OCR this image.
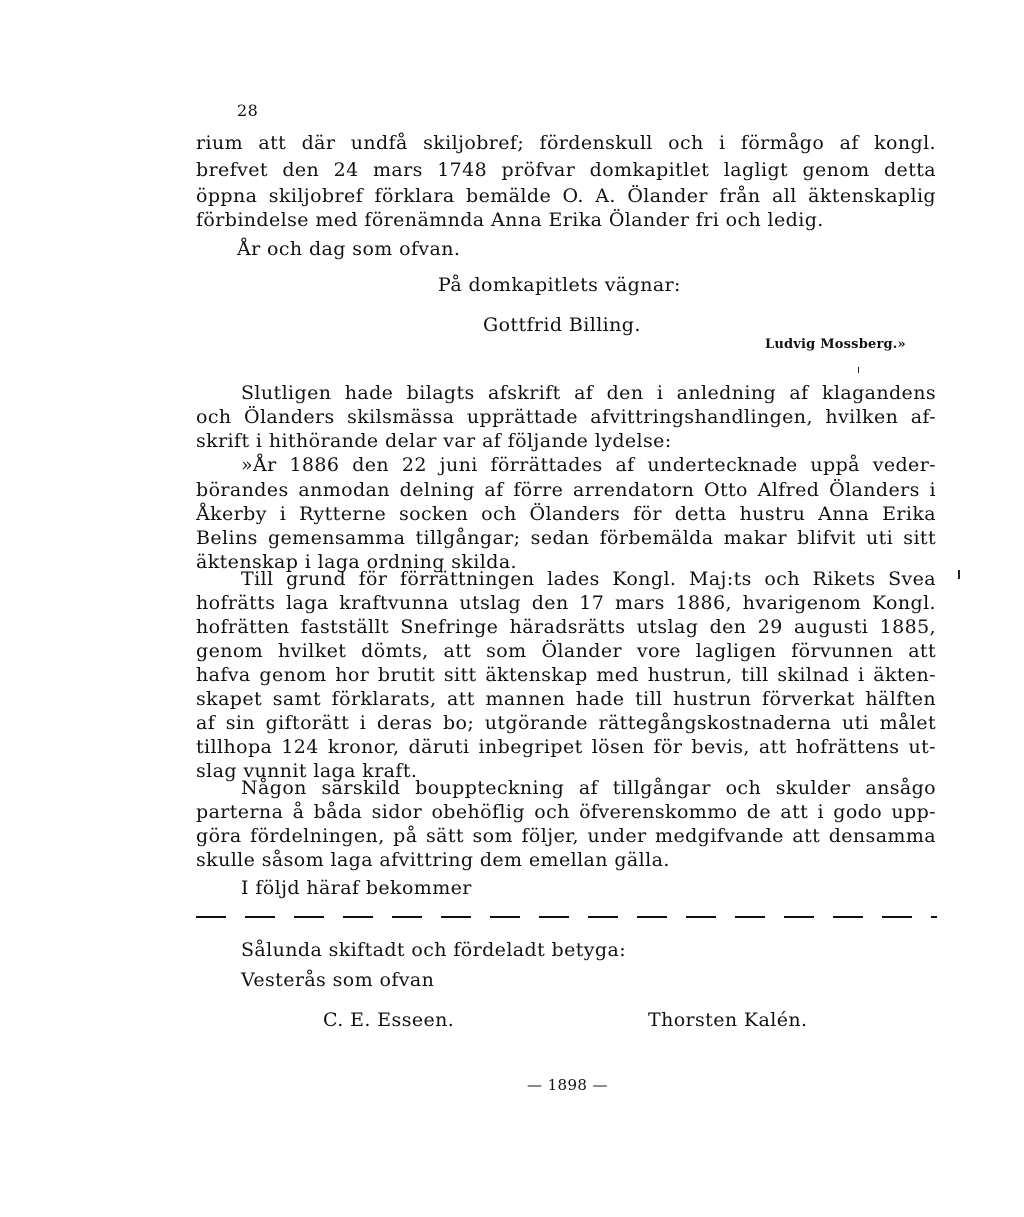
28
rium att där undfå skiljobref; fördenskull och i förmågo af kongl.
brefvet den 24 mars 1748 pröfvar domkapitlet lagligt genom detta
öppna skiljobref förklara bemälde O. A. Ölander från all äktenskaplig
förbindelse med förenämnda Anna Erika Ölander fri och ledig.
År och dag som ofvan.
På domkapitlets vägnar:
Gottfrid Billing.
Ludvig Mossberg.»
Slutligen hade bilagts afskrift af den i anledning af klagandens
och Ölanders skilsmässa upprättade afvittringshandlingen, hvilken af-
skrift i hithörande delar var af följande lydelse:
»År 1886 den 22 juni förrättades af undertecknade uppå veder-
börandes anmodan delning af förre arrendatorn Otto Alfred Ölanders i
Åkerby i Rytterne socken och Ölanders för detta hustru Anna Erika
Belins gemensamma tillgångar; sedan förbemälda makar blifvit uti sitt
äktenskap i laga ordning skilda.
Till grund för förrättningen lades Kongl. Maj:ts och Rikets Svea
hofrätts laga kraftvunna utslag den 17 mars 1886, hvarigenom Kongl.
hofrätten fastställt Snefringe häradsrätts utslag den 29 augusti 1885,
genom hvilket dömts, att som Ölander vore lagligen förvunnen att
hafva genom hor brutit sitt äktenskap med hustrun, till skilnad i äkten-
skapet samt förklarats, att mannen hade till hustrun förverkat hälften
af sin giftorätt i deras bo; utgörande rättegångskostnaderna uti målet
tillhopa 124 kronor, däruti inbegripet lösen för bevis, att hofrättens ut-
slag vunnit laga kraft.
Någon särskild bouppteckning af tillgångar och skulder ansågo
parterna å båda sidor obehöflig och öfverenskommo de att i godo upp-
göra fördelningen, på sätt som följer, under medgifvande att densamma
skulle såsom laga afvittring dem emellan gälla.
I följd häraf bekommer
Sålunda skiftadt och fördeladt betyga:
Vesterås som ofvan
C. E. Esseen.	Thorsten Kalén.
— 1898 —
